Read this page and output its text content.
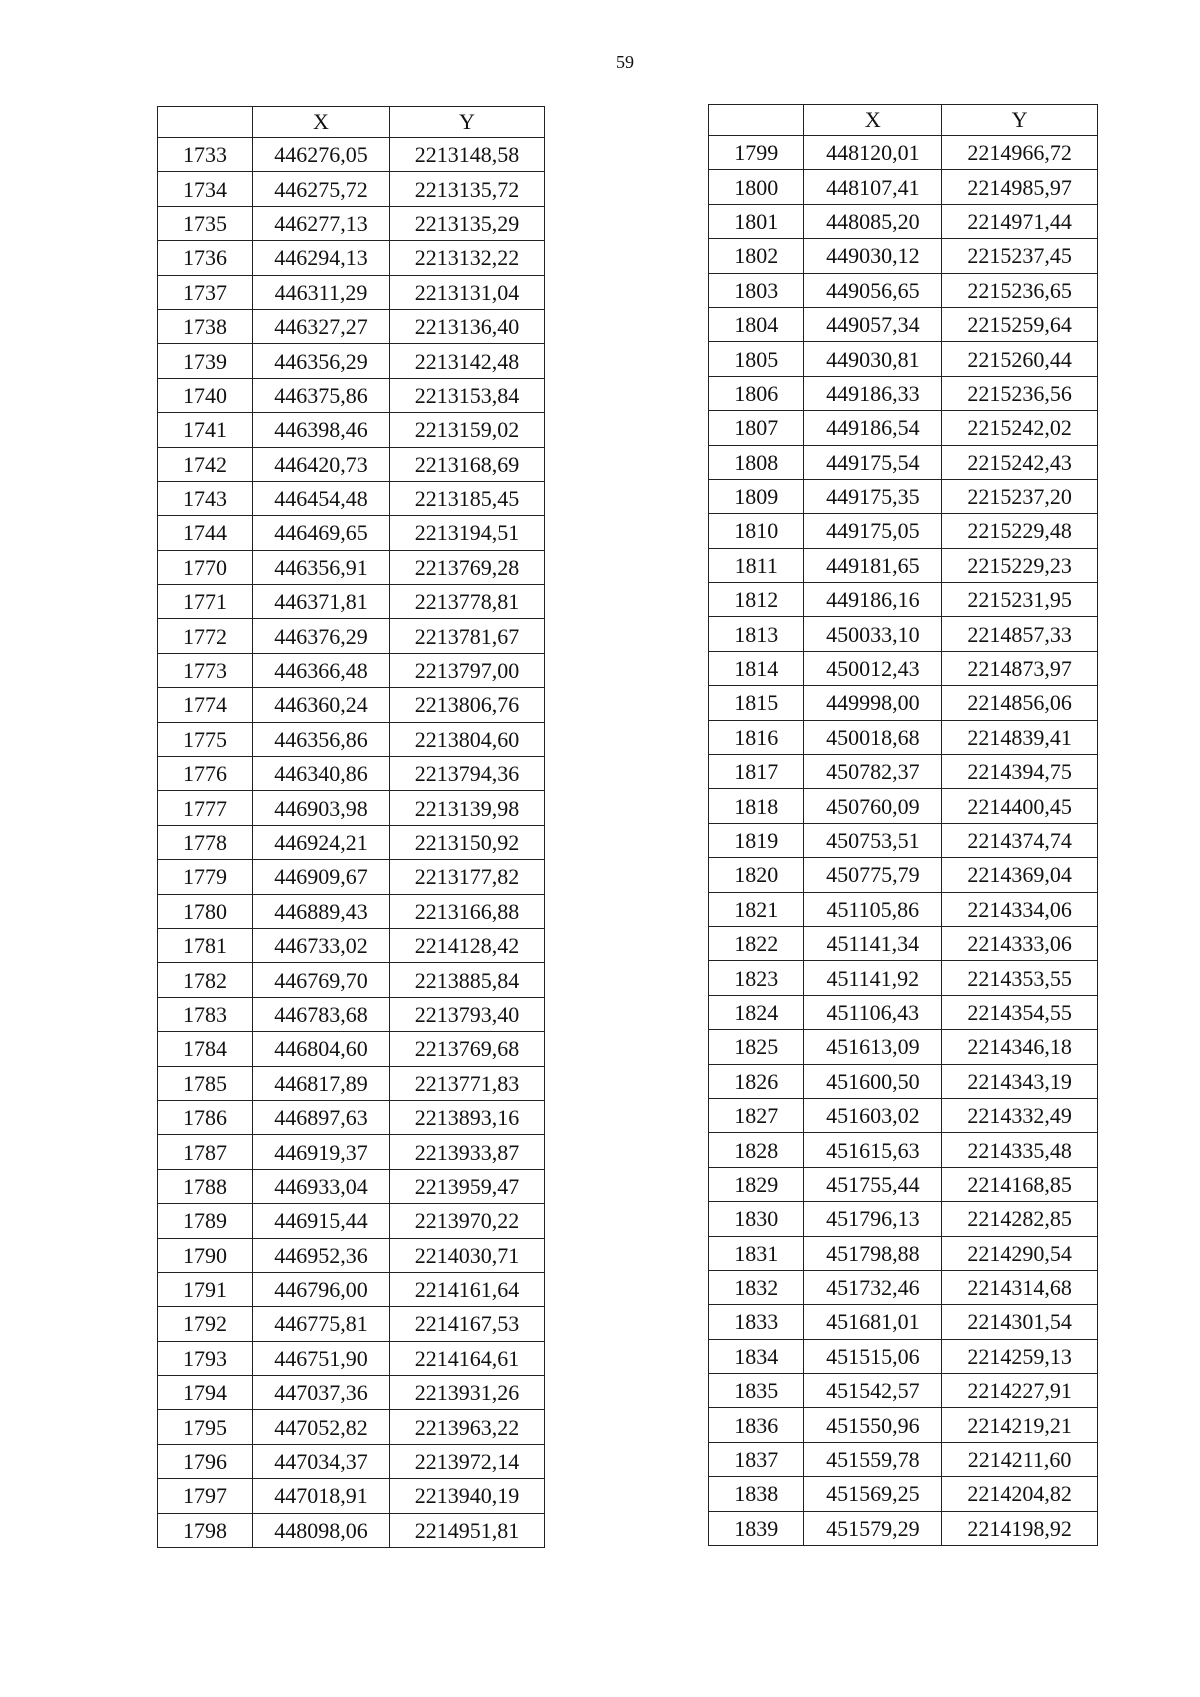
59
	X	Y
1733	446276,05	2213148,58
1734	446275,72	2213135,72
1735	446277,13	2213135,29
1736	446294,13	2213132,22
1737	446311,29	2213131,04
1738	446327,27	2213136,40
1739	446356,29	2213142,48
1740	446375,86	2213153,84
1741	446398,46	2213159,02
1742	446420,73	2213168,69
1743	446454,48	2213185,45
1744	446469,65	2213194,51
1770	446356,91	2213769,28
1771	446371,81	2213778,81
1772	446376,29	2213781,67
1773	446366,48	2213797,00
1774	446360,24	2213806,76
1775	446356,86	2213804,60
1776	446340,86	2213794,36
1777	446903,98	2213139,98
1778	446924,21	2213150,92
1779	446909,67	2213177,82
1780	446889,43	2213166,88
1781	446733,02	2214128,42
1782	446769,70	2213885,84
1783	446783,68	2213793,40
1784	446804,60	2213769,68
1785	446817,89	2213771,83
1786	446897,63	2213893,16
1787	446919,37	2213933,87
1788	446933,04	2213959,47
1789	446915,44	2213970,22
1790	446952,36	2214030,71
1791	446796,00	2214161,64
1792	446775,81	2214167,53
1793	446751,90	2214164,61
1794	447037,36	2213931,26
1795	447052,82	2213963,22
1796	447034,37	2213972,14
1797	447018,91	2213940,19
1798	448098,06	2214951,81
	X	Y
1799	448120,01	2214966,72
1800	448107,41	2214985,97
1801	448085,20	2214971,44
1802	449030,12	2215237,45
1803	449056,65	2215236,65
1804	449057,34	2215259,64
1805	449030,81	2215260,44
1806	449186,33	2215236,56
1807	449186,54	2215242,02
1808	449175,54	2215242,43
1809	449175,35	2215237,20
1810	449175,05	2215229,48
1811	449181,65	2215229,23
1812	449186,16	2215231,95
1813	450033,10	2214857,33
1814	450012,43	2214873,97
1815	449998,00	2214856,06
1816	450018,68	2214839,41
1817	450782,37	2214394,75
1818	450760,09	2214400,45
1819	450753,51	2214374,74
1820	450775,79	2214369,04
1821	451105,86	2214334,06
1822	451141,34	2214333,06
1823	451141,92	2214353,55
1824	451106,43	2214354,55
1825	451613,09	2214346,18
1826	451600,50	2214343,19
1827	451603,02	2214332,49
1828	451615,63	2214335,48
1829	451755,44	2214168,85
1830	451796,13	2214282,85
1831	451798,88	2214290,54
1832	451732,46	2214314,68
1833	451681,01	2214301,54
1834	451515,06	2214259,13
1835	451542,57	2214227,91
1836	451550,96	2214219,21
1837	451559,78	2214211,60
1838	451569,25	2214204,82
1839	451579,29	2214198,92
